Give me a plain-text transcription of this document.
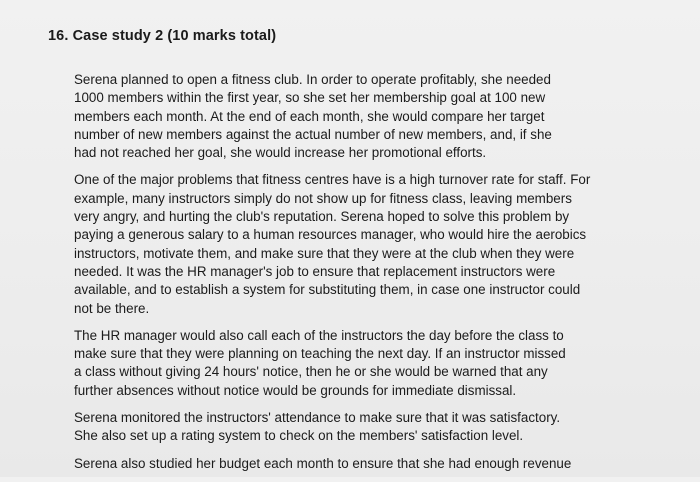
16. Case study 2 (10 marks total)

Serena planned to open a fitness club. In order to operate profitably, she needed
1000 members within the first year, so she set her membership goal at 100 new
members each month. At the end of each month, she would compare her target
number of new members against the actual number of new members, and, if she
had not reached her goal, she would increase her promotional efforts.

One of the major problems that fitness centres have is a high turnover rate for staff. For
example, many instructors simply do not show up for fitness class, leaving members
very angry, and hurting the club's reputation. Serena hoped to solve this problem by
paying a generous salary to a human resources manager, who would hire the aerobics
instructors, motivate them, and make sure that they were at the club when they were
needed. It was the HR manager's job to ensure that replacement instructors were
available, and to establish a system for substituting them, in case one instructor could
not be there.

The HR manager would also call each of the instructors the day before the class to
make sure that they were planning on teaching the next day. If an instructor missed
a class without giving 24 hours' notice, then he or she would be warned that any
further absences without notice would be grounds for immediate dismissal.

Serena monitored the instructors' attendance to make sure that it was satisfactory.
She also set up a rating system to check on the members' satisfaction level.

Serena also studied her budget each month to ensure that she had enough revenue
